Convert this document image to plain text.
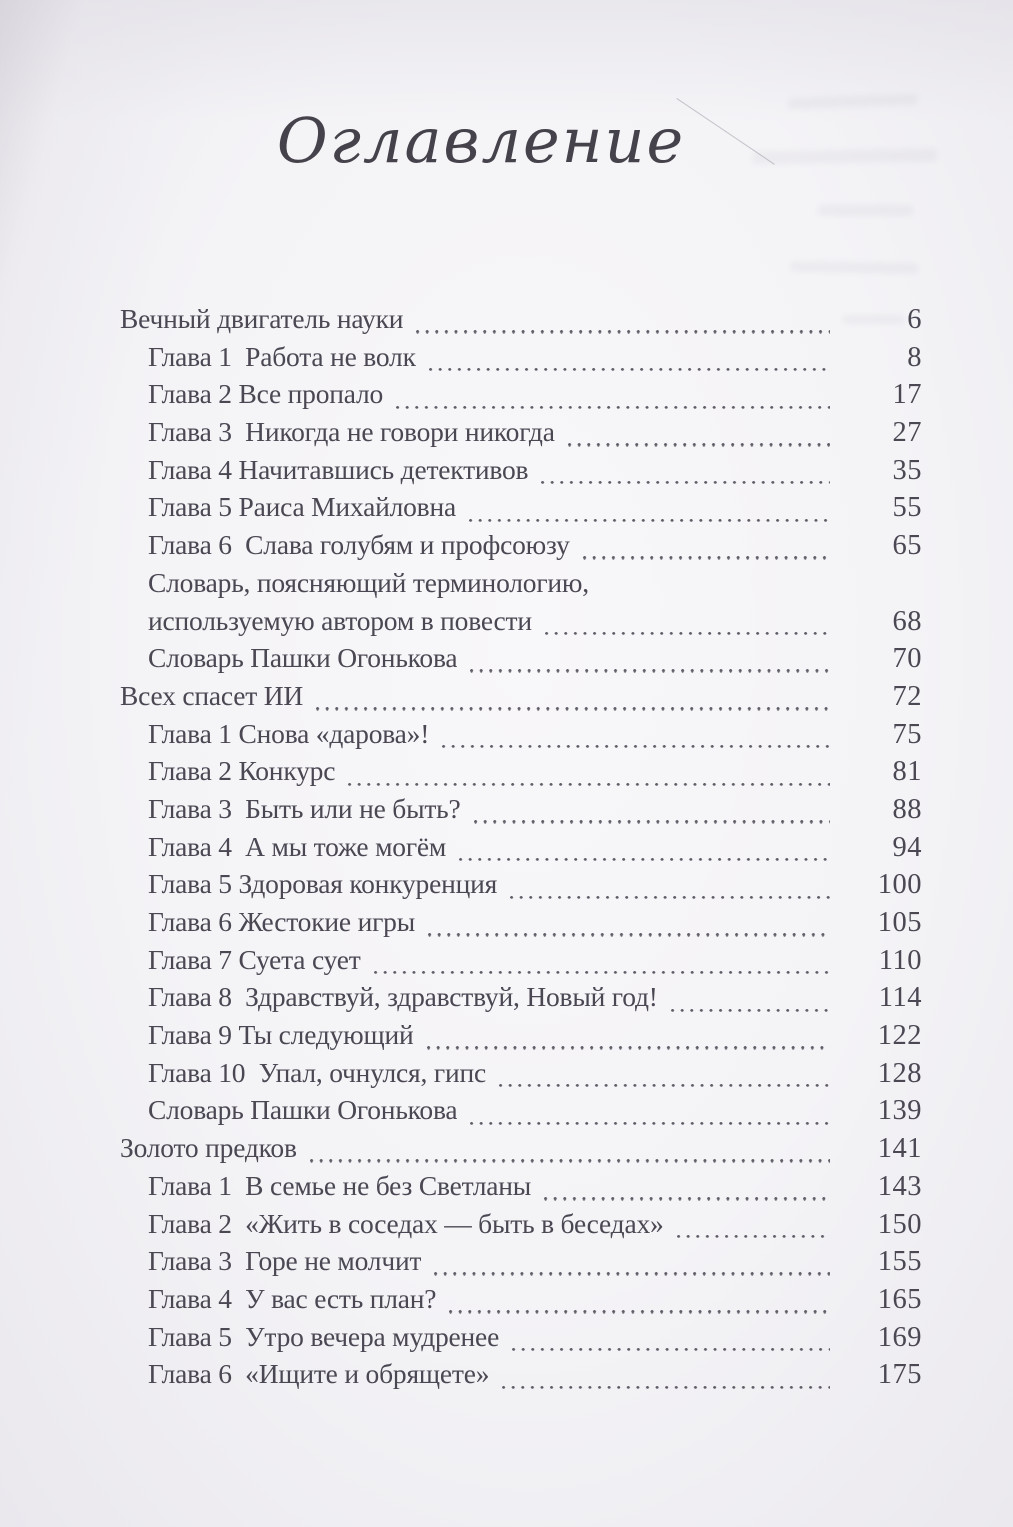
Оглавление
Вечный двигатель науки	6
Глава 1  Работа не волк	8
Глава 2 Все пропало	17
Глава 3  Никогда не говори никогда	27
Глава 4 Начитавшись детективов	35
Глава 5 Раиса Михайловна	55
Глава 6  Слава голубям и профсоюзу	65
Словарь, поясняющий терминологию,
используемую автором в повести	68
Словарь Пашки Огонькова	70
Всех спасет ИИ	72
Глава 1 Снова «дарова»!	75
Глава 2 Конкурс	81
Глава 3  Быть или не быть?	88
Глава 4  А мы тоже могём	94
Глава 5 Здоровая конкуренция	100
Глава 6 Жестокие игры	105
Глава 7 Суета сует	110
Глава 8  Здравствуй, здравствуй, Новый год!	114
Глава 9 Ты следующий	122
Глава 10  Упал, очнулся, гипс	128
Словарь Пашки Огонькова	139
Золото предков	141
Глава 1  В семье не без Светланы	143
Глава 2  «Жить в соседах — быть в беседах»	150
Глава 3  Горе не молчит	155
Глава 4  У вас есть план?	165
Глава 5  Утро вечера мудренее	169
Глава 6  «Ищите и обрящете»	175
